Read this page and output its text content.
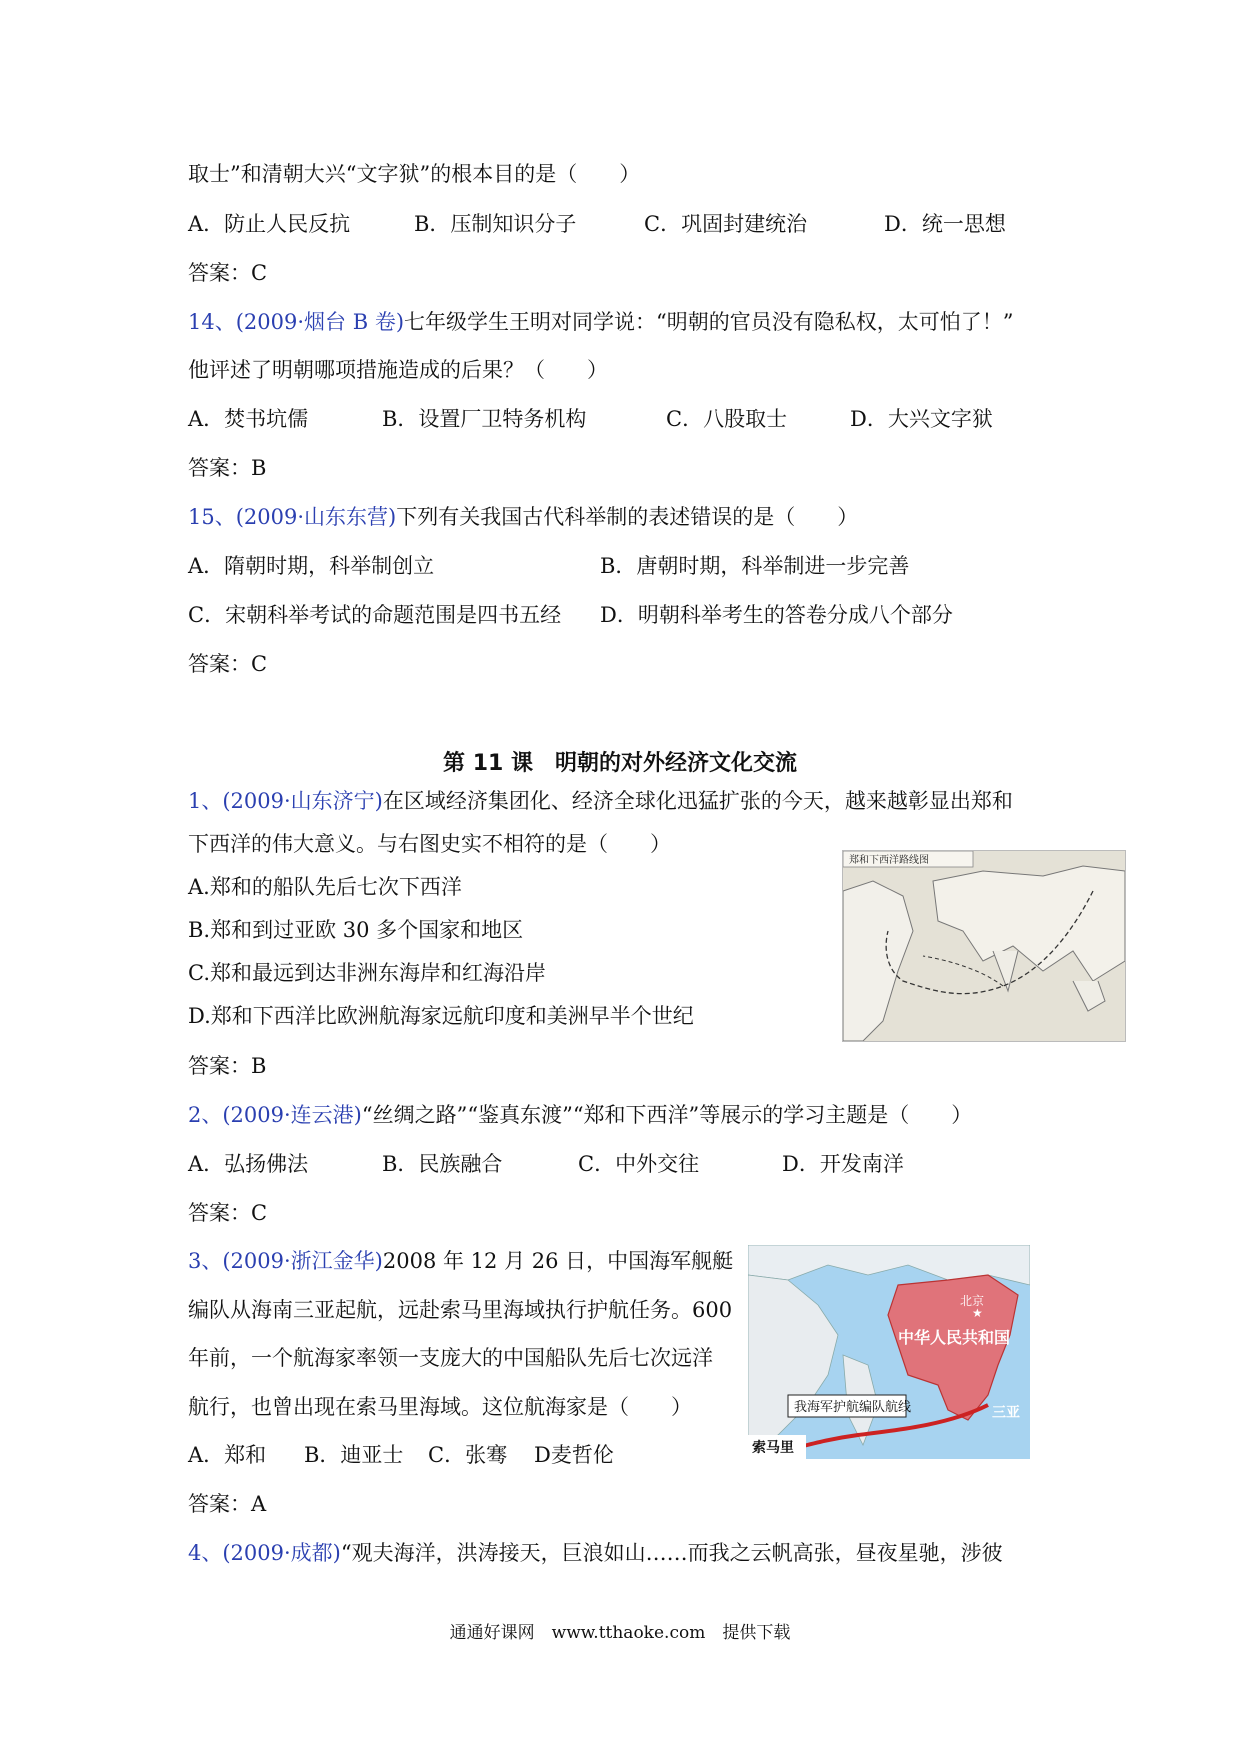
取士”和清朝大兴“文字狱”的根本目的是（　　）
A．防止人民反抗	B．压制知识分子	C．巩固封建统治	D．统一思想
答案：C
14、(2009·烟台 B 卷)七年级学生王明对同学说：“明朝的官员没有隐私权，太可怕了！”
他评述了明朝哪项措施造成的后果？（　　）
A．焚书坑儒	B．设置厂卫特务机构	C．八股取士	D．大兴文字狱
答案：B
15、(2009·山东东营)下列有关我国古代科举制的表述错误的是（　　）
A．隋朝时期，科举制创立	B．唐朝时期，科举制进一步完善
C．宋朝科举考试的命题范围是四书五经 D．明朝科举考生的答卷分成八个部分
答案：C
第 11 课　明朝的对外经济文化交流
1、(2009·山东济宁)在区域经济集团化、经济全球化迅猛扩张的今天，越来越彰显出郑和
下西洋的伟大意义。与右图史实不相符的是（　　）
A.郑和的船队先后七次下西洋
B.郑和到过亚欧 30 多个国家和地区
C.郑和最远到达非洲东海岸和红海沿岸
D.郑和下西洋比欧洲航海家远航印度和美洲早半个世纪
答案：B
郑和下西洋路线图
2、(2009·连云港)“丝绸之路”“鉴真东渡”“郑和下西洋”等展示的学习主题是（　　）
A．弘扬佛法	B．民族融合	C．中外交往	D．开发南洋
答案：C
3、(2009·浙江金华)2008 年 12 月 26 日，中国海军舰艇
编队从海南三亚起航，远赴索马里海域执行护航任务。600
年前，一个航海家率领一支庞大的中国船队先后七次远洋
航行，也曾出现在索马里海域。这位航海家是（　　）
A．郑和 B．迪亚士 C．张骞 D麦哲伦
答案：A
我海军护航编队航线
北京
★
中华人民共和国
三亚
索马里
4、(2009·成都)“观夫海洋，洪涛接天，巨浪如山……而我之云帆高张，昼夜星驰，涉彼
通通好课网　www.tthaoke.com　提供下载
